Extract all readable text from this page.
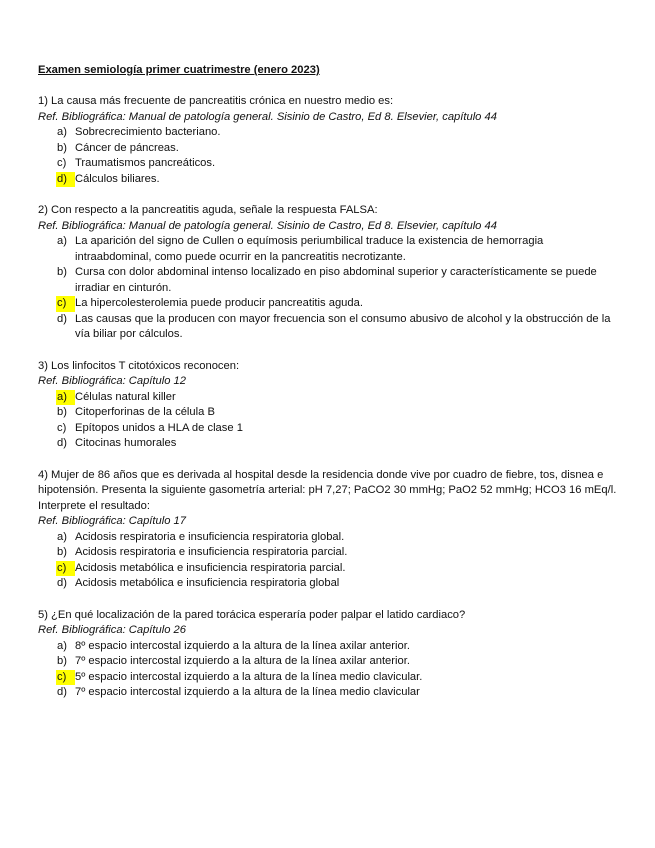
Examen semiología primer cuatrimestre (enero 2023)
1) La causa más frecuente de pancreatitis crónica en nuestro medio es:
Ref. Bibliográfica: Manual de patología general. Sisinio de Castro, Ed 8. Elsevier, capítulo 44
a) Sobrecrecimiento bacteriano.
b) Cáncer de páncreas.
c) Traumatismos pancreáticos.
d) Cálculos biliares.
2) Con respecto a la pancreatitis aguda, señale la respuesta FALSA:
Ref. Bibliográfica: Manual de patología general. Sisinio de Castro, Ed 8. Elsevier, capítulo 44
a) La aparición del signo de Cullen o equímosis periumbilical traduce la existencia de hemorragia intraabdominal, como puede ocurrir en la pancreatitis necrotizante.
b) Cursa con dolor abdominal intenso localizado en piso abdominal superior y característicamente se puede irradiar en cinturón.
c) La hipercolesterolemia puede producir pancreatitis aguda.
d) Las causas que la producen con mayor frecuencia son el consumo abusivo de alcohol y la obstrucción de la vía biliar por cálculos.
3) Los linfocitos T citotóxicos reconocen:
Ref. Bibliográfica: Capítulo 12
a) Células natural killer
b) Citoperforinas de la célula B
c) Epítopos unidos a HLA de clase 1
d) Citocinas humorales
4) Mujer de 86 años que es derivada al hospital desde la residencia donde vive por cuadro de fiebre, tos, disnea e hipotensión. Presenta la siguiente gasometría arterial: pH 7,27; PaCO2 30 mmHg; PaO2 52 mmHg; HCO3 16 mEq/l. Interprete el resultado:
Ref. Bibliográfica: Capítulo 17
a) Acidosis respiratoria e insuficiencia respiratoria global.
b) Acidosis respiratoria e insuficiencia respiratoria parcial.
c) Acidosis metabólica e insuficiencia respiratoria parcial.
d) Acidosis metabólica e insuficiencia respiratoria global
5) ¿En qué localización de la pared torácica esperaría poder palpar el latido cardiaco?
Ref. Bibliográfica: Capítulo 26
a) 8º espacio intercostal izquierdo a la altura de la línea axilar anterior.
b) 7º espacio intercostal izquierdo a la altura de la línea axilar anterior.
c) 5º espacio intercostal izquierdo a la altura de la línea medio clavicular.
d) 7º espacio intercostal izquierdo a la altura de la línea medio clavicular
